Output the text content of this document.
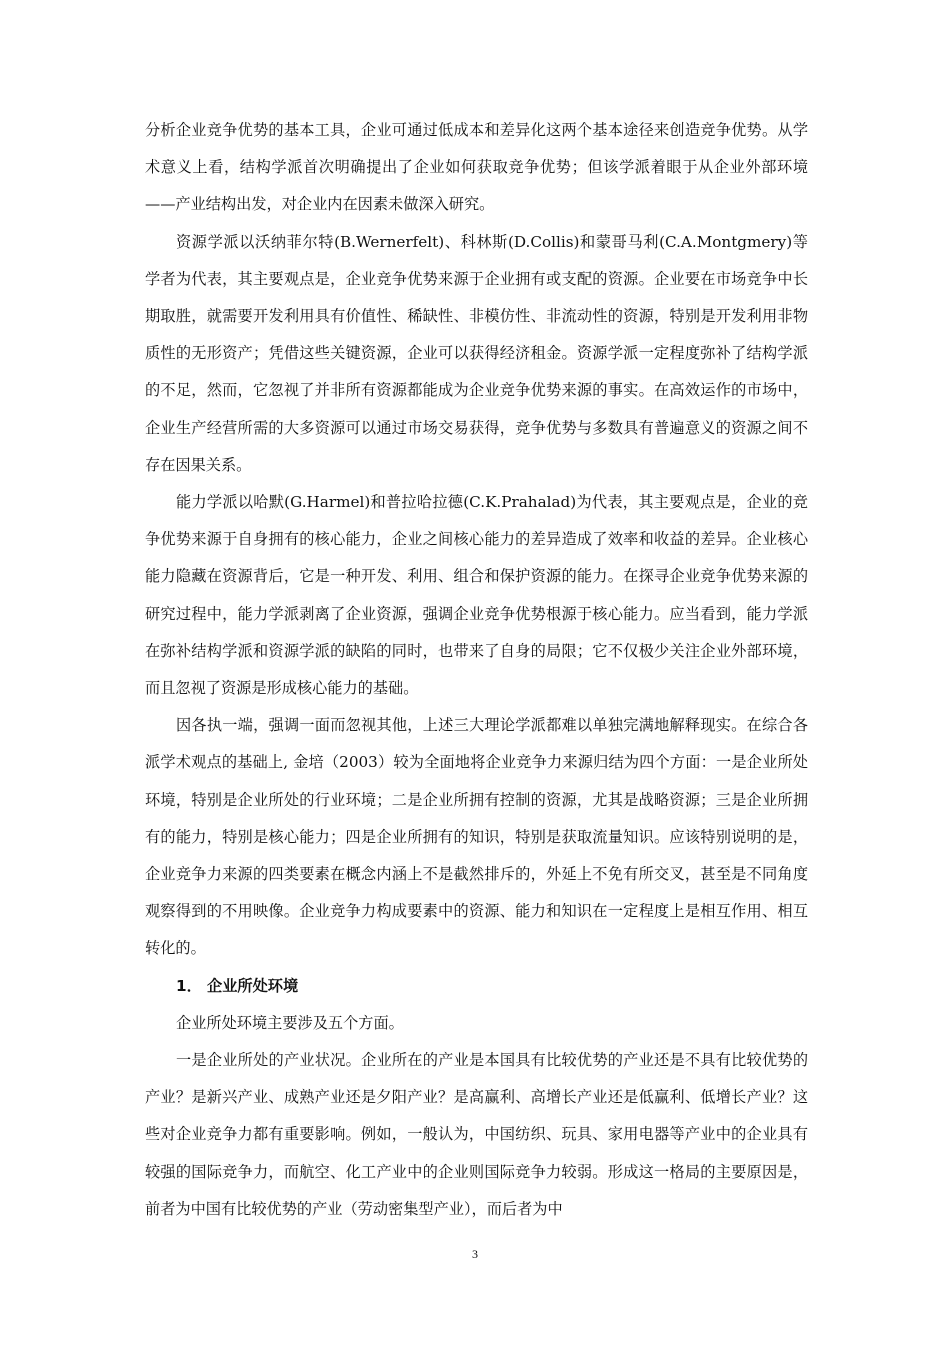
分析企业竞争优势的基本工具，企业可通过低成本和差异化这两个基本途径来创造竞争优势。从学术意义上看，结构学派首次明确提出了企业如何获取竞争优势；但该学派着眼于从企业外部环境——产业结构出发，对企业内在因素未做深入研究。

资源学派以沃纳菲尔特(B.Wernerfelt)、科林斯(D.Collis)和蒙哥马利(C.A.Montgmery)等学者为代表，其主要观点是，企业竞争优势来源于企业拥有或支配的资源。企业要在市场竞争中长期取胜，就需要开发利用具有价值性、稀缺性、非模仿性、非流动性的资源，特别是开发利用非物质性的无形资产；凭借这些关键资源，企业可以获得经济租金。资源学派一定程度弥补了结构学派的不足，然而，它忽视了并非所有资源都能成为企业竞争优势来源的事实。在高效运作的市场中，企业生产经营所需的大多资源可以通过市场交易获得，竞争优势与多数具有普遍意义的资源之间不存在因果关系。

能力学派以哈默(G.Harmel)和普拉哈拉德(C.K.Prahalad)为代表，其主要观点是，企业的竞争优势来源于自身拥有的核心能力，企业之间核心能力的差异造成了效率和收益的差异。企业核心能力隐藏在资源背后，它是一种开发、利用、组合和保护资源的能力。在探寻企业竞争优势来源的研究过程中，能力学派剥离了企业资源，强调企业竞争优势根源于核心能力。应当看到，能力学派在弥补结构学派和资源学派的缺陷的同时，也带来了自身的局限；它不仅极少关注企业外部环境，而且忽视了资源是形成核心能力的基础。

因各执一端，强调一面而忽视其他，上述三大理论学派都难以单独完满地解释现实。在综合各派学术观点的基础上, 金培（2003）较为全面地将企业竞争力来源归结为四个方面：一是企业所处环境，特别是企业所处的行业环境；二是企业所拥有控制的资源，尤其是战略资源；三是企业所拥有的能力，特别是核心能力；四是企业所拥有的知识，特别是获取流量知识。应该特别说明的是，企业竞争力来源的四类要素在概念内涵上不是截然排斥的，外延上不免有所交叉，甚至是不同角度观察得到的不用映像。企业竞争力构成要素中的资源、能力和知识在一定程度上是相互作用、相互转化的。

1． 企业所处环境

企业所处环境主要涉及五个方面。

一是企业所处的产业状况。企业所在的产业是本国具有比较优势的产业还是不具有比较优势的产业？是新兴产业、成熟产业还是夕阳产业？是高赢利、高增长产业还是低赢利、低增长产业？这些对企业竞争力都有重要影响。例如，一般认为，中国纺织、玩具、家用电器等产业中的企业具有较强的国际竞争力，而航空、化工产业中的企业则国际竞争力较弱。形成这一格局的主要原因是，前者为中国有比较优势的产业（劳动密集型产业），而后者为中

3
